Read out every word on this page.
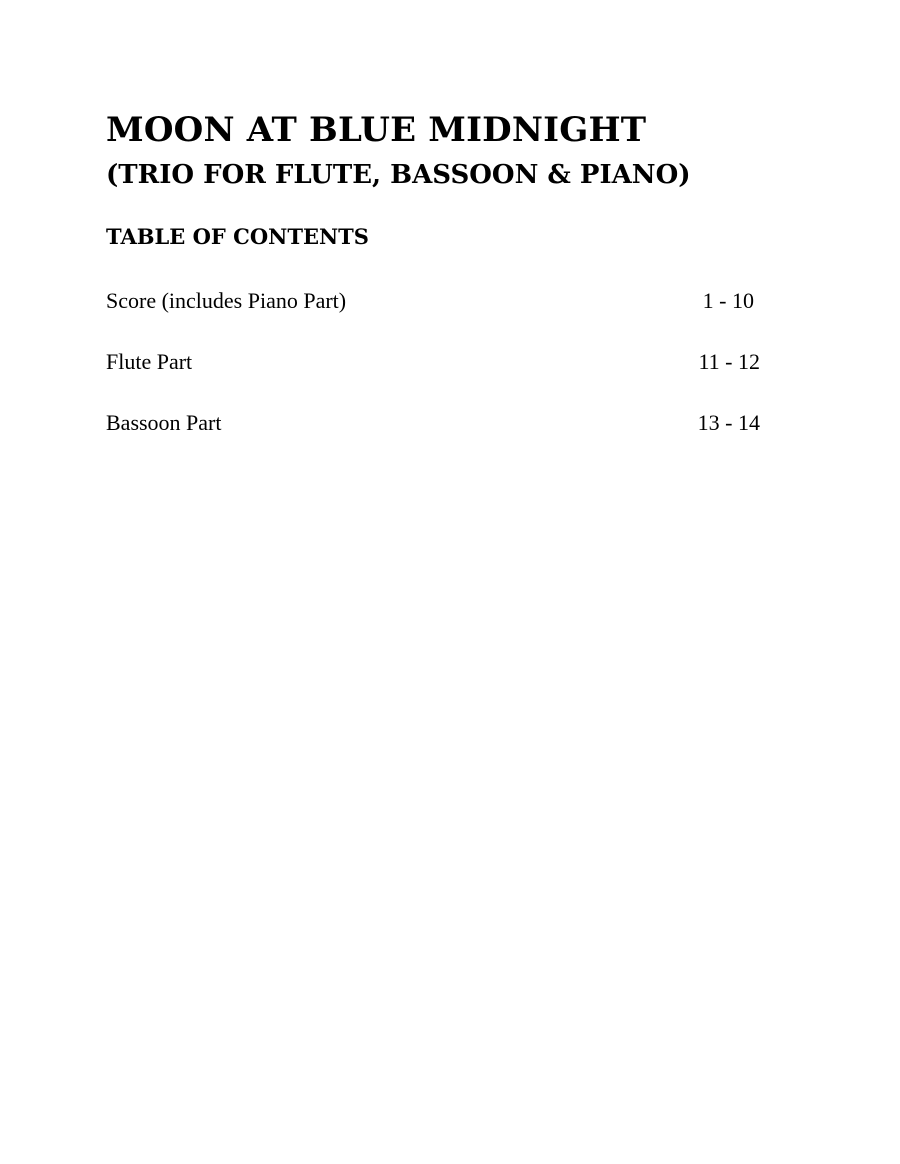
MOON AT BLUE MIDNIGHT
(TRIO FOR FLUTE, BASSOON & PIANO)
TABLE OF CONTENTS
Score (includes Piano Part)	1 - 10
Flute Part	11 - 12
Bassoon Part	13 - 14
